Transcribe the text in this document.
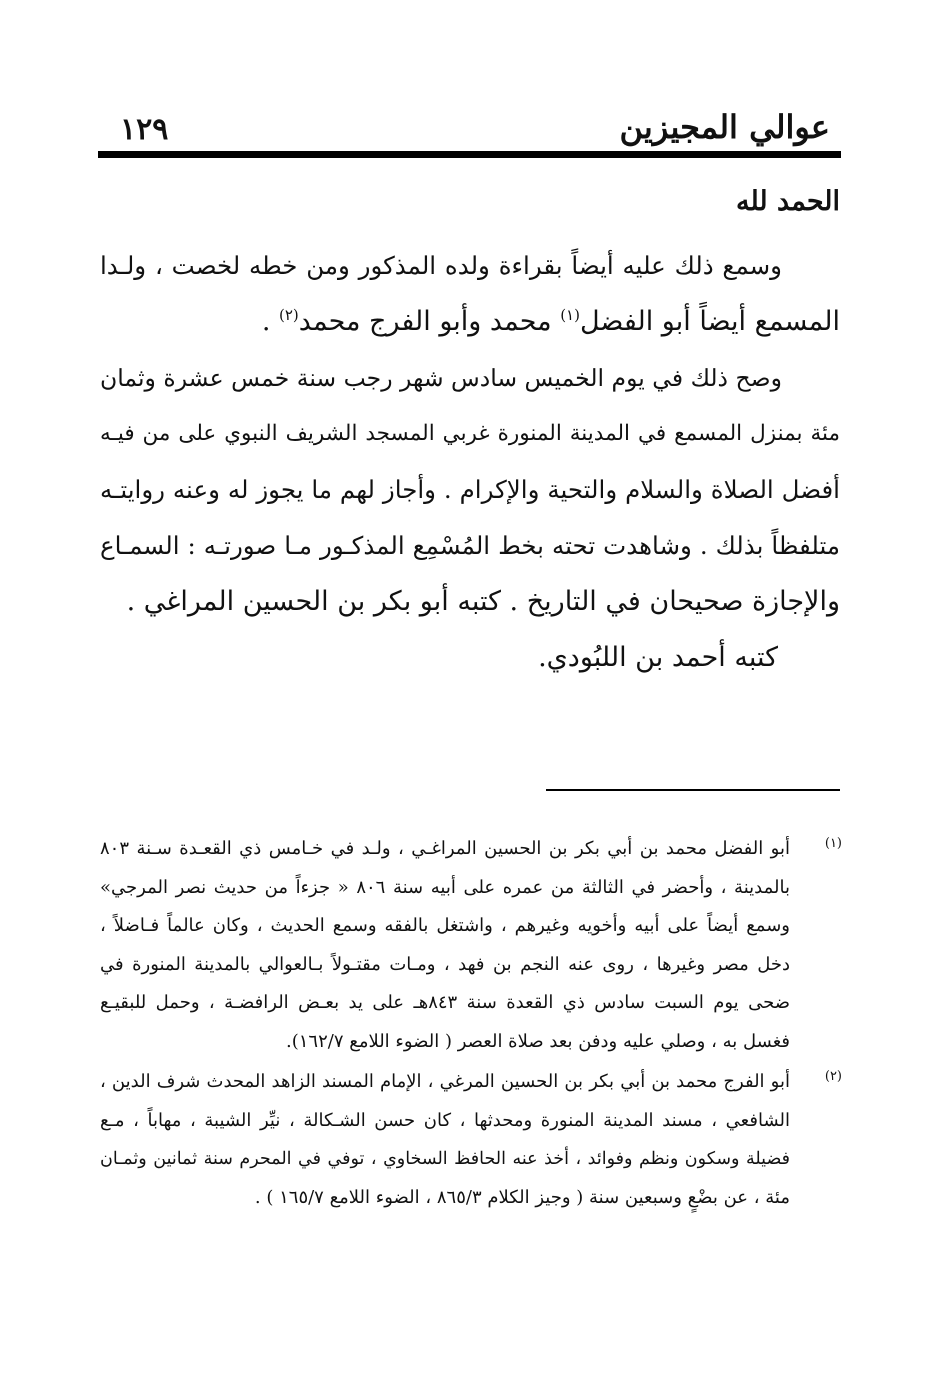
١٢٩	عوالي المجيزين
الحمد لله
وسمع ذلك عليه أيضاً بقراءة ولده المذكور ومن خطه لخصت ، ولـدا
المسمع أيضاً أبو الفضل$^{(١)}$ محمد وأبو الفرج محمد$^{(٢)}$ .
وصح ذلك في يوم الخميس سادس شهر رجب سنة خمس عشرة وثمان
مئة بمنزل المسمع في المدينة المنورة غربي المسجد الشريف النبوي على من فيـه
أفضل الصلاة والسلام والتحية والإكرام . وأجاز لهم ما يجوز له وعنه روايتـه
متلفظاً بذلك . وشاهدت تحته بخط المُسْمِع المذكـور مـا صورتـه : السمـاع
والإجازة صحيحان في التاريخ . كتبه أبو بكر بن الحسين المراغي .
كتبه أحمد بن اللبُودي.
(١)
أبو الفضل محمد بن أبي بكر بن الحسين المراغـي ، ولـد في خـامس ذي القعـدة سـنة ٨٠٣
بالمدينة ، وأحضر في الثالثة من عمره على أبيه سنة ٨٠٦ « جزءاً من حديث نصر المرجي»
وسمع أيضاً على أبيه وأخويه وغيرهم ، واشتغل بالفقه وسمع الحديث ، وكان عالماً فـاضلاً ،
دخل مصر وغيرها ، روى عنه النجم بن فهد ، ومـات مقتـولاً بـالعوالي بالمدينة المنورة في
ضحى يوم السبت سادس ذي القعدة سنة ٨٤٣هـ على يد بعـض الرافضـة ، وحمل للبقيـع
فغسل به ، وصلي عليه ودفن بعد صلاة العصر ( الضوء اللامع ١٦٢/٧).
(٢)
أبو الفرج محمد بن أبي بكر بن الحسين المرغي ، الإمام المسند الزاهد المحدث شرف الدين ،
الشافعي ، مسند المدينة المنورة ومحدثها ، كان حسن الشـكالة ، نيِّر الشيبة ، مهاباً ، مـع
فضيلة وسكون ونظم وفوائد ، أخذ عنه الحافظ السخاوي ، توفي في المحرم سنة ثمانين وثمـان
مئة ، عن بضْعٍ وسبعين سنة ( وجيز الكلام ٨٦٥/٣ ، الضوء اللامع ١٦٥/٧ ) .
